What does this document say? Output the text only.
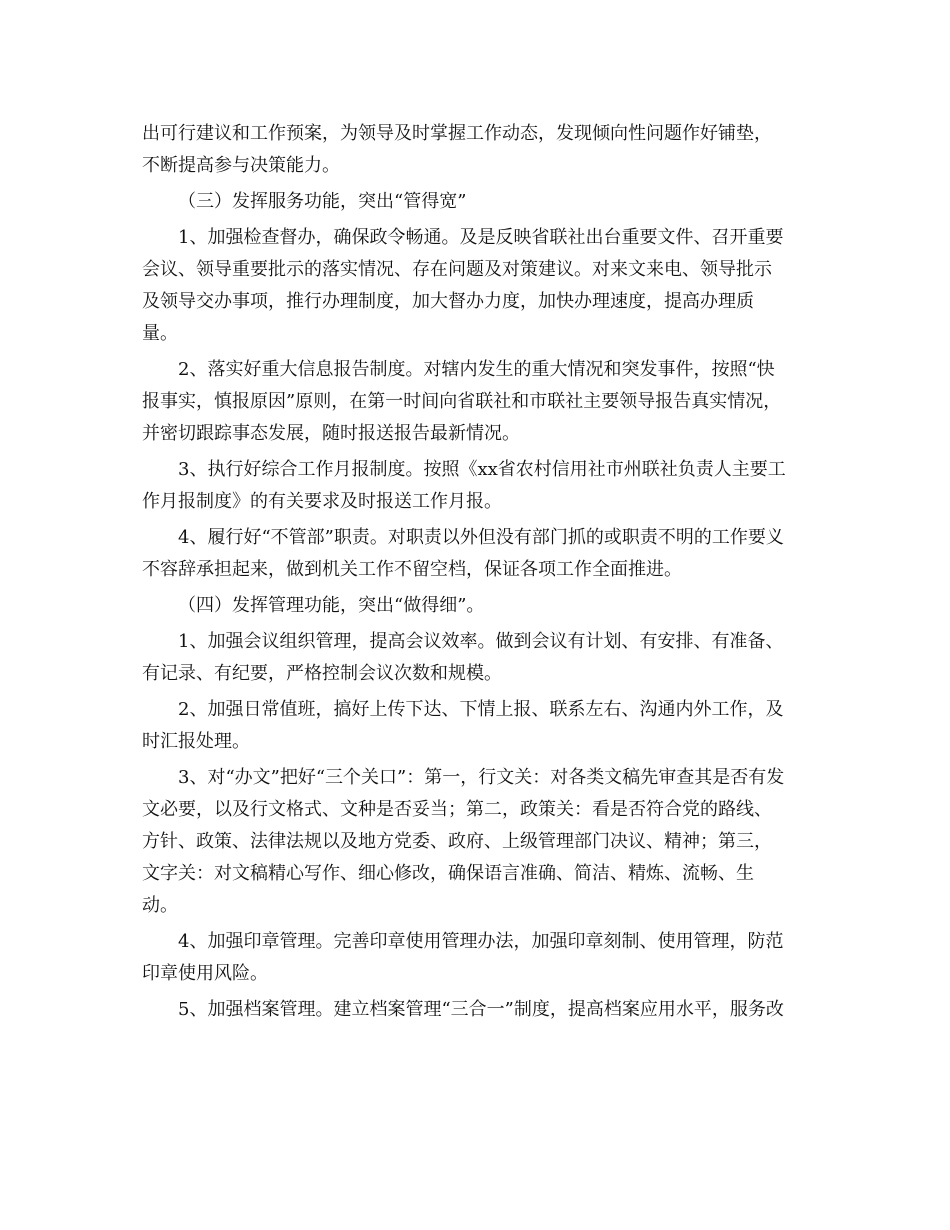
出可行建议和工作预案，为领导及时掌握工作动态，发现倾向性问题作好铺垫，
不断提高参与决策能力。
（三）发挥服务功能，突出“管得宽”
1、加强检查督办，确保政令畅通。及是反映省联社出台重要文件、召开重要
会议、领导重要批示的落实情况、存在问题及对策建议。对来文来电、领导批示
及领导交办事项，推行办理制度，加大督办力度，加快办理速度，提高办理质
量。
2、落实好重大信息报告制度。对辖内发生的重大情况和突发事件，按照“快
报事实，慎报原因”原则，在第一时间向省联社和市联社主要领导报告真实情况，
并密切跟踪事态发展，随时报送报告最新情况。
3、执行好综合工作月报制度。按照《xx省农村信用社市州联社负责人主要工
作月报制度》的有关要求及时报送工作月报。
4、履行好“不管部”职责。对职责以外但没有部门抓的或职责不明的工作要义
不容辞承担起来，做到机关工作不留空档，保证各项工作全面推进。
（四）发挥管理功能，突出“做得细”。
1、加强会议组织管理，提高会议效率。做到会议有计划、有安排、有准备、
有记录、有纪要，严格控制会议次数和规模。
2、加强日常值班，搞好上传下达、下情上报、联系左右、沟通内外工作，及
时汇报处理。
3、对“办文”把好“三个关口”：第一，行文关：对各类文稿先审查其是否有发
文必要，以及行文格式、文种是否妥当；第二，政策关：看是否符合党的路线、
方针、政策、法律法规以及地方党委、政府、上级管理部门决议、精神；第三，
文字关：对文稿精心写作、细心修改，确保语言准确、简洁、精炼、流畅、生
动。
4、加强印章管理。完善印章使用管理办法，加强印章刻制、使用管理，防范
印章使用风险。
5、加强档案管理。建立档案管理“三合一”制度，提高档案应用水平，服务改
